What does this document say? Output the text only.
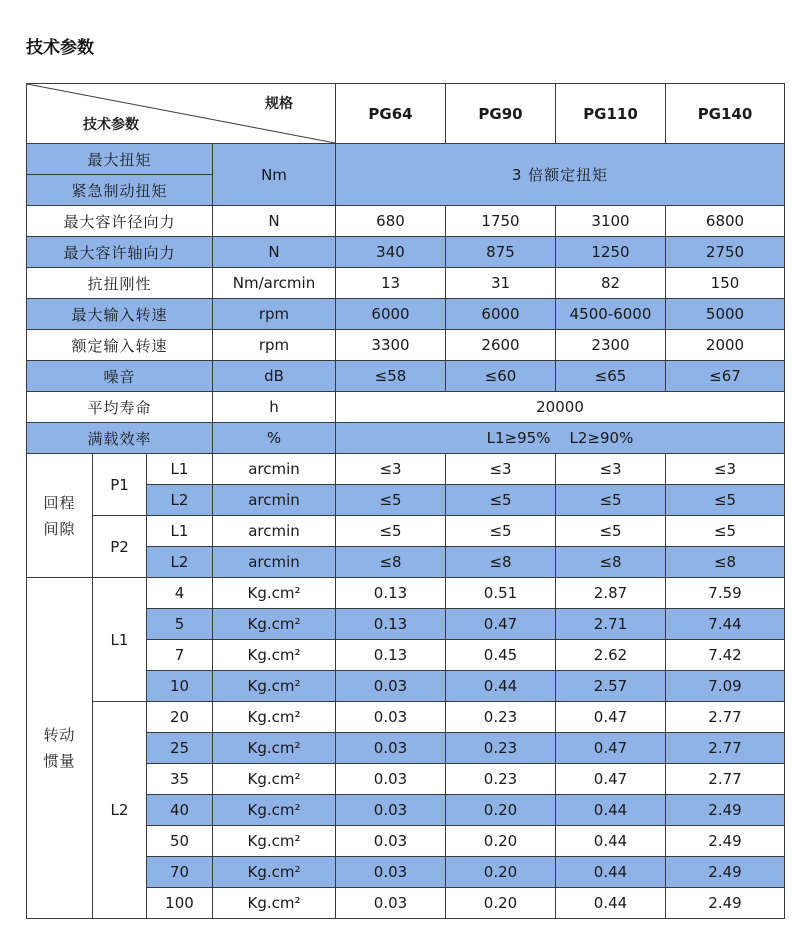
技术参数
规格
技术参数				PG64	PG90	PG110	PG140
最大扭矩			Nm	3 倍额定扭矩			
紧急制动扭矩							
最大容许径向力			N	680	1750	3100	6800
最大容许轴向力			N	340	875	1250	2750
抗扭刚性			Nm/arcmin	13	31	82	150
最大输入转速			rpm	6000	6000	4500-6000	5000
额定输入转速			rpm	3300	2600	2300	2000
噪音			dB	≤58	≤60	≤65	≤67
平均寿命			h	20000			
满载效率			%	L1≥95%    L2≥90%			
回程
间隙	P1	L1	arcmin	≤3	≤3	≤3	≤3
		L2	arcmin	≤5	≤5	≤5	≤5
	P2	L1	arcmin	≤5	≤5	≤5	≤5
		L2	arcmin	≤8	≤8	≤8	≤8
转动
惯量	L1	4	Kg.cm²	0.13	0.51	2.87	7.59
		5	Kg.cm²	0.13	0.47	2.71	7.44
		7	Kg.cm²	0.13	0.45	2.62	7.42
		10	Kg.cm²	0.03	0.44	2.57	7.09
	L2	20	Kg.cm²	0.03	0.23	0.47	2.77
		25	Kg.cm²	0.03	0.23	0.47	2.77
		35	Kg.cm²	0.03	0.23	0.47	2.77
		40	Kg.cm²	0.03	0.20	0.44	2.49
		50	Kg.cm²	0.03	0.20	0.44	2.49
		70	Kg.cm²	0.03	0.20	0.44	2.49
		100	Kg.cm²	0.03	0.20	0.44	2.49
